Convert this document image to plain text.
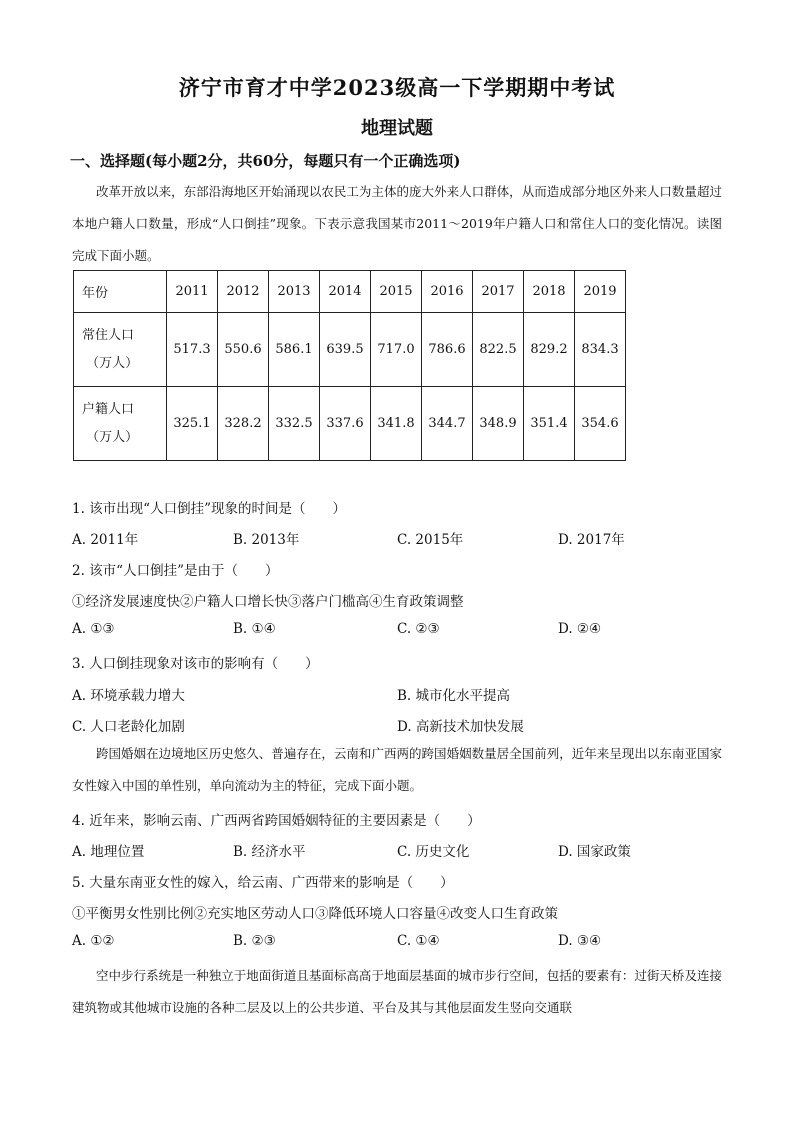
济宁市育才中学2023级高一下学期期中考试
地理试题
一、选择题(每小题2分，共60分，每题只有一个正确选项)
改革开放以来，东部沿海地区开始涌现以农民工为主体的庞大外来人口群体，从而造成部分地区外来人口数量超过本地户籍人口数量，形成“人口倒挂”现象。下表示意我国某市2011～2019年户籍人口和常住人口的变化情况。读图完成下面小题。
年份	2011	2012	2013	2014	2015	2016	2017	2018	2019
常住人口
（万人）	517.3	550.6	586.1	639.5	717.0	786.6	822.5	829.2	834.3
户籍人口
（万人）	325.1	328.2	332.5	337.6	341.8	344.7	348.9	351.4	354.6
1. 该市出现“人口倒挂”现象的时间是（　　）
A. 2011年	B. 2013年	C. 2015年	D. 2017年
2. 该市“人口倒挂”是由于（　　）
①经济发展速度快②户籍人口增长快③落户门槛高④生育政策调整
A. ①③	B. ①④	C. ②③	D. ②④
3. 人口倒挂现象对该市的影响有（　　）
A. 环境承载力增大	B. 城市化水平提高
C. 人口老龄化加剧	D. 高新技术加快发展
跨国婚姻在边境地区历史悠久、普遍存在，云南和广西两的跨国婚姻数量居全国前列，近年来呈现出以东南亚国家女性嫁入中国的单性别，单向流动为主的特征，完成下面小题。
4. 近年来，影响云南、广西两省跨国婚姻特征的主要因素是（　　）
A. 地理位置	B. 经济水平	C. 历史文化	D. 国家政策
5. 大量东南亚女性的嫁入，给云南、广西带来的影响是（　　）
①平衡男女性别比例②充实地区劳动人口③降低环境人口容量④改变人口生育政策
A. ①②	B. ②③	C. ①④	D. ③④
空中步行系统是一种独立于地面街道且基面标高高于地面层基面的城市步行空间，包括的要素有：过街天桥及连接建筑物或其他城市设施的各种二层及以上的公共步道、平台及其与其他层面发生竖向交通联
